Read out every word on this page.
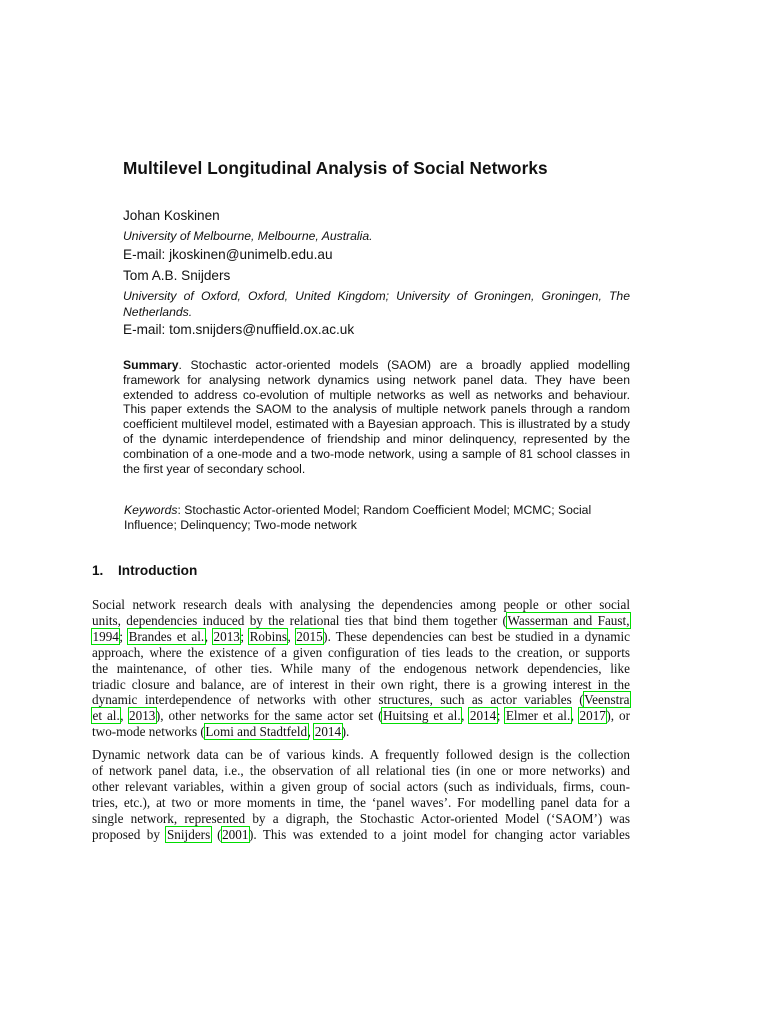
Multilevel Longitudinal Analysis of Social Networks
Johan Koskinen
University of Melbourne, Melbourne, Australia.
E-mail: jkoskinen@unimelb.edu.au
Tom A.B. Snijders
University of Oxford, Oxford, United Kingdom; University of Groningen, Groningen, The
Netherlands.
E-mail: tom.snijders@nuffield.ox.ac.uk
Summary. Stochastic actor-oriented models (SAOM) are a broadly applied modelling framework for analysing network dynamics using network panel data. They have been extended to address co-evolution of multiple networks as well as networks and behaviour. This paper extends the SAOM to the analysis of multiple network panels through a random coefficient multilevel model, estimated with a Bayesian approach. This is illustrated by a study of the dynamic interdependence of friendship and minor delinquency, represented by the combination of a one-mode and a two-mode network, using a sample of 81 school classes in the first year of secondary school.
Keywords: Stochastic Actor-oriented Model; Random Coefficient Model; MCMC; Social Influence; Delinquency; Two-mode network
1. Introduction
Social network research deals with analysing the dependencies among people or other social
units, dependencies induced by the relational ties that bind them together (Wasserman and Faust,
1994; Brandes et al., 2013; Robins, 2015). These dependencies can best be studied in a dynamic
approach, where the existence of a given configuration of ties leads to the creation, or supports
the maintenance, of other ties. While many of the endogenous network dependencies, like
triadic closure and balance, are of interest in their own right, there is a growing interest in the
dynamic interdependence of networks with other structures, such as actor variables (Veenstra
et al., 2013), other networks for the same actor set (Huitsing et al., 2014; Elmer et al., 2017), or
two-mode networks (Lomi and Stadtfeld, 2014).
Dynamic network data can be of various kinds. A frequently followed design is the collection
of network panel data, i.e., the observation of all relational ties (in one or more networks) and
other relevant variables, within a given group of social actors (such as individuals, firms, coun-
tries, etc.), at two or more moments in time, the ‘panel waves’. For modelling panel data for a
single network, represented by a digraph, the Stochastic Actor-oriented Model (‘SAOM’) was
proposed by Snijders (2001). This was extended to a joint model for changing actor variables
